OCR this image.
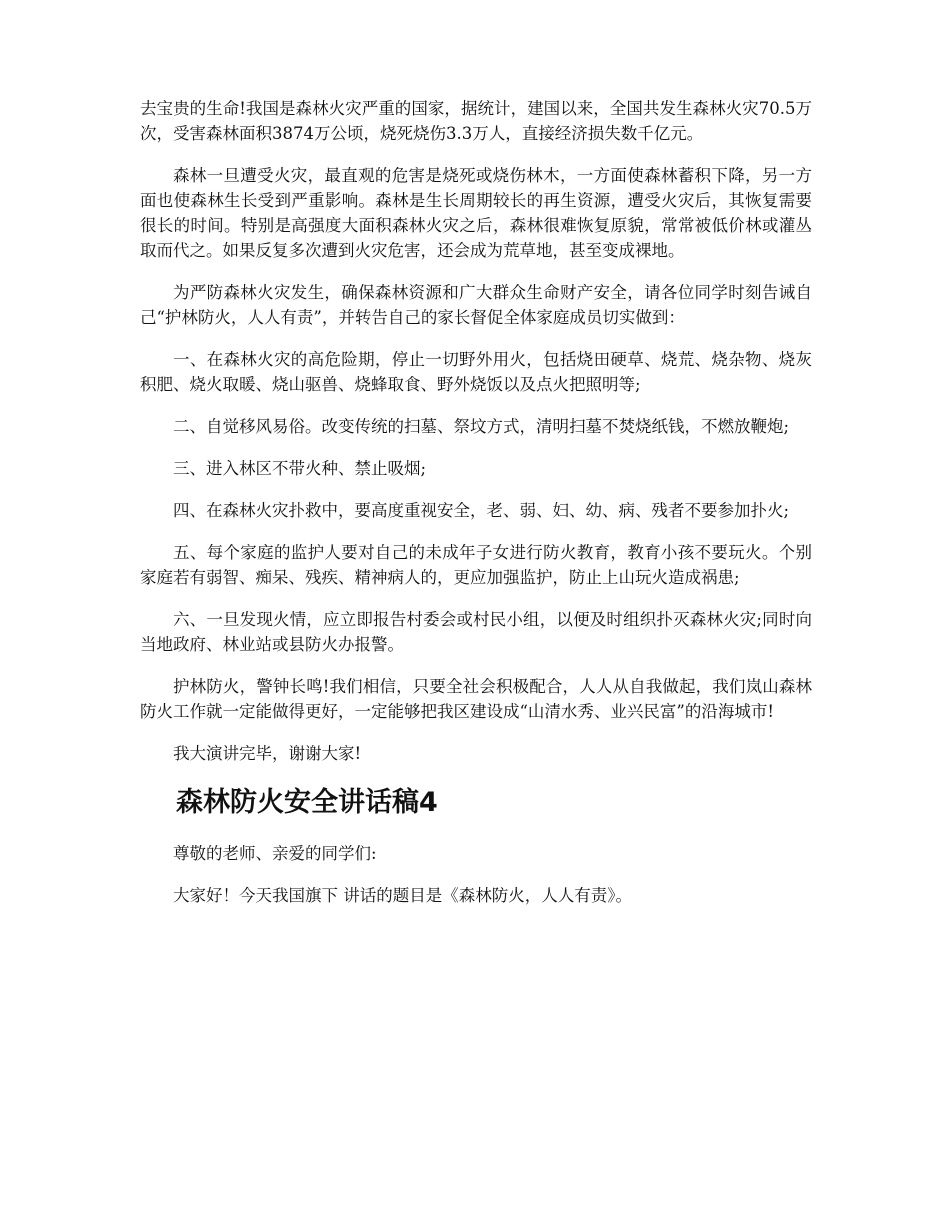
去宝贵的生命!我国是森林火灾严重的国家，据统计，建国以来，全国共发生森林火灾70.5万次，受害森林面积3874万公顷，烧死烧伤3.3万人，直接经济损失数千亿元。

森林一旦遭受火灾，最直观的危害是烧死或烧伤林木，一方面使森林蓄积下降，另一方面也使森林生长受到严重影响。森林是生长周期较长的再生资源，遭受火灾后，其恢复需要很长的时间。特别是高强度大面积森林火灾之后，森林很难恢复原貌，常常被低价林或灌丛取而代之。如果反复多次遭到火灾危害，还会成为荒草地，甚至变成裸地。

为严防森林火灾发生，确保森林资源和广大群众生命财产安全，请各位同学时刻告诫自己“护林防火，人人有责”，并转告自己的家长督促全体家庭成员切实做到：

一、在森林火灾的高危险期，停止一切野外用火，包括烧田硬草、烧荒、烧杂物、烧灰积肥、烧火取暖、烧山驱兽、烧蜂取食、野外烧饭以及点火把照明等;

二、自觉移风易俗。改变传统的扫墓、祭坟方式，清明扫墓不焚烧纸钱，不燃放鞭炮;

三、进入林区不带火种、禁止吸烟;

四、在森林火灾扑救中，要高度重视安全，老、弱、妇、幼、病、残者不要参加扑火;

五、每个家庭的监护人要对自己的未成年子女进行防火教育，教育小孩不要玩火。个别家庭若有弱智、痴呆、残疾、精神病人的，更应加强监护，防止上山玩火造成祸患;

六、一旦发现火情，应立即报告村委会或村民小组，以便及时组织扑灭森林火灾;同时向当地政府、林业站或县防火办报警。

护林防火，警钟长鸣!我们相信，只要全社会积极配合，人人从自我做起，我们岚山森林防火工作就一定能做得更好，一定能够把我区建设成“山清水秀、业兴民富”的沿海城市!

我大演讲完毕，谢谢大家!

森林防火安全讲话稿4

尊敬的老师、亲爱的同学们:

大家好！今天我国旗下 讲话的题目是《森林防火，人人有责》。
